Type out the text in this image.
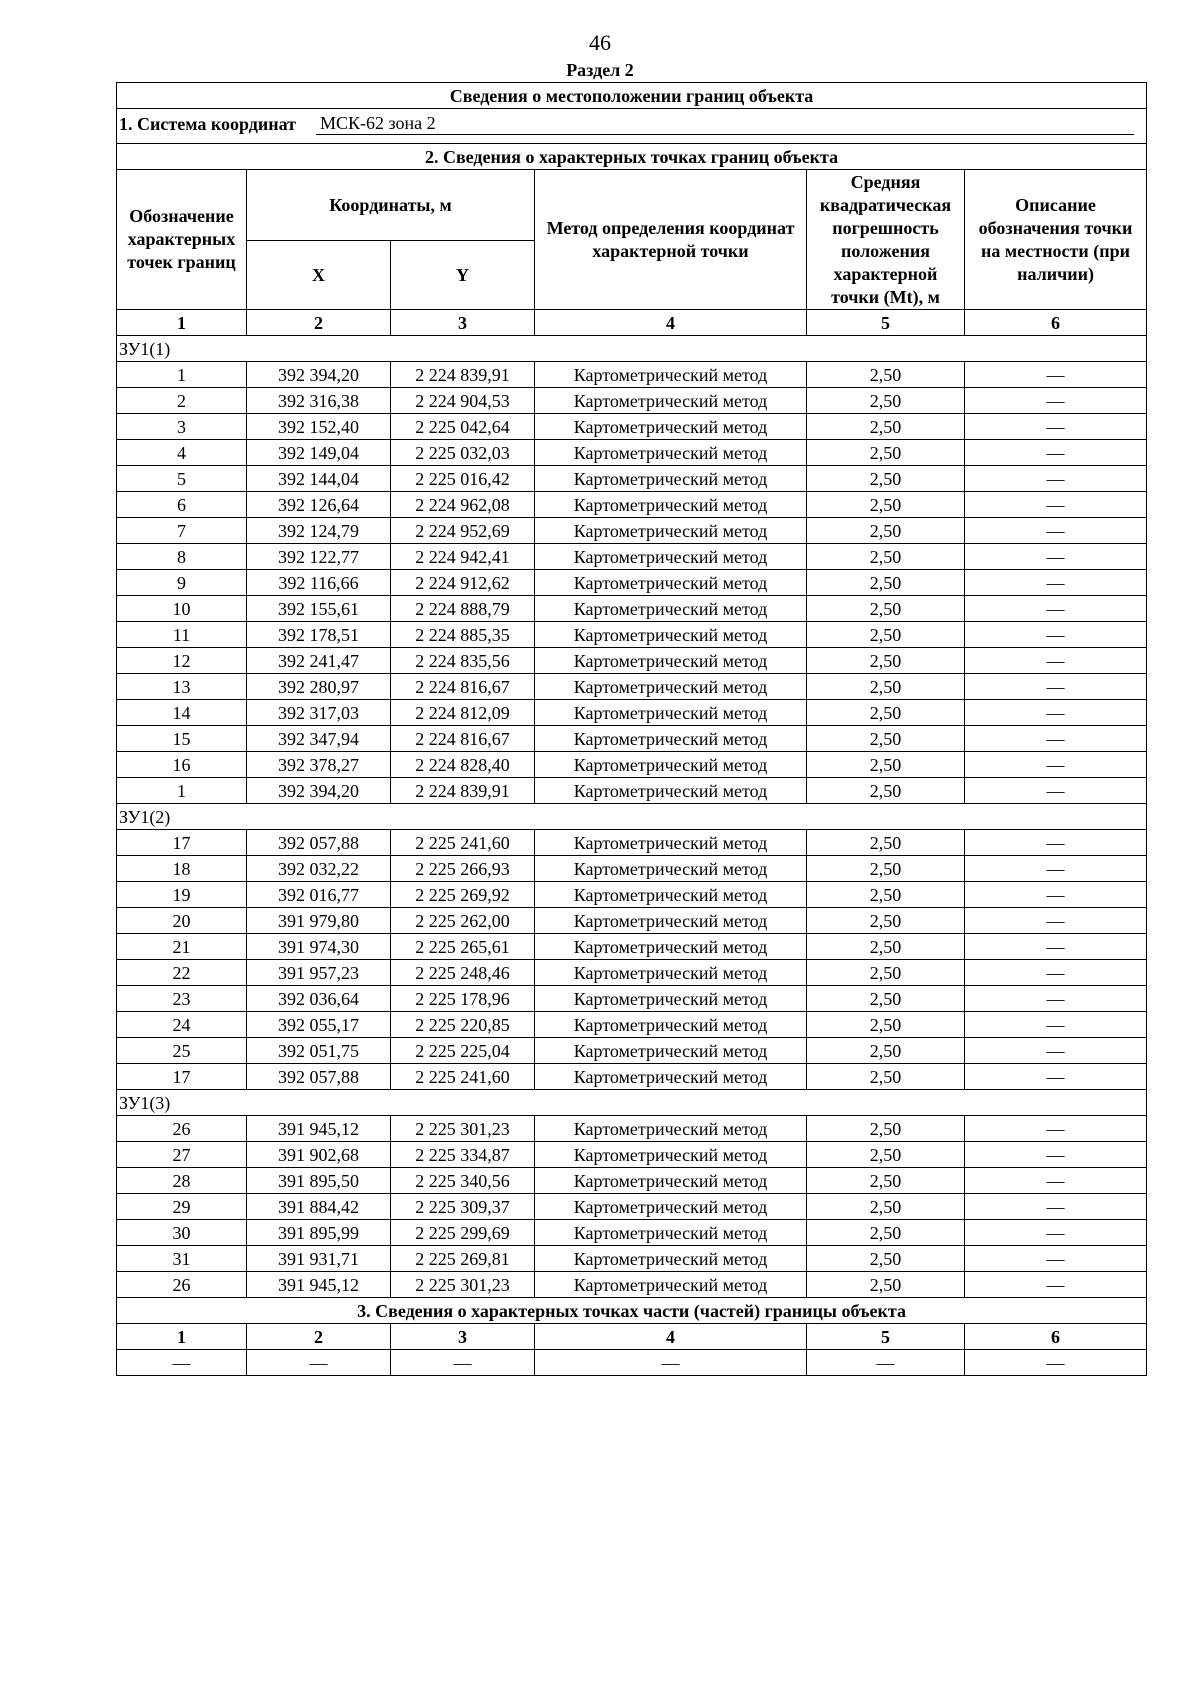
46
Раздел 2
Сведения о местоположении границ объекта					

1. Система координат МСК-62 зона 2					

2. Сведения о характерных точках границ объекта					
Обозначение характерных точек границ	Координаты, м		Метод определения координат характерной точки	Средняя квадратическая погрешность положения характерной точки (Mt), м	Описание обозначения точки на местности (при наличии)
	X	Y			
1	2	3	4	5	6
ЗУ1(1)					
1	392 394,20	2 224 839,91	Картометрический метод	2,50	—
2	392 316,38	2 224 904,53	Картометрический метод	2,50	—
3	392 152,40	2 225 042,64	Картометрический метод	2,50	—
4	392 149,04	2 225 032,03	Картометрический метод	2,50	—
5	392 144,04	2 225 016,42	Картометрический метод	2,50	—
6	392 126,64	2 224 962,08	Картометрический метод	2,50	—
7	392 124,79	2 224 952,69	Картометрический метод	2,50	—
8	392 122,77	2 224 942,41	Картометрический метод	2,50	—
9	392 116,66	2 224 912,62	Картометрический метод	2,50	—
10	392 155,61	2 224 888,79	Картометрический метод	2,50	—
11	392 178,51	2 224 885,35	Картометрический метод	2,50	—
12	392 241,47	2 224 835,56	Картометрический метод	2,50	—
13	392 280,97	2 224 816,67	Картометрический метод	2,50	—
14	392 317,03	2 224 812,09	Картометрический метод	2,50	—
15	392 347,94	2 224 816,67	Картометрический метод	2,50	—
16	392 378,27	2 224 828,40	Картометрический метод	2,50	—
1	392 394,20	2 224 839,91	Картометрический метод	2,50	—
ЗУ1(2)					
17	392 057,88	2 225 241,60	Картометрический метод	2,50	—
18	392 032,22	2 225 266,93	Картометрический метод	2,50	—
19	392 016,77	2 225 269,92	Картометрический метод	2,50	—
20	391 979,80	2 225 262,00	Картометрический метод	2,50	—
21	391 974,30	2 225 265,61	Картометрический метод	2,50	—
22	391 957,23	2 225 248,46	Картометрический метод	2,50	—
23	392 036,64	2 225 178,96	Картометрический метод	2,50	—
24	392 055,17	2 225 220,85	Картометрический метод	2,50	—
25	392 051,75	2 225 225,04	Картометрический метод	2,50	—
17	392 057,88	2 225 241,60	Картометрический метод	2,50	—
ЗУ1(3)					
26	391 945,12	2 225 301,23	Картометрический метод	2,50	—
27	391 902,68	2 225 334,87	Картометрический метод	2,50	—
28	391 895,50	2 225 340,56	Картометрический метод	2,50	—
29	391 884,42	2 225 309,37	Картометрический метод	2,50	—
30	391 895,99	2 225 299,69	Картометрический метод	2,50	—
31	391 931,71	2 225 269,81	Картометрический метод	2,50	—
26	391 945,12	2 225 301,23	Картометрический метод	2,50	—
3. Сведения о характерных точках части (частей) границы объекта					
1	2	3	4	5	6
—	—	—	—	—	—
